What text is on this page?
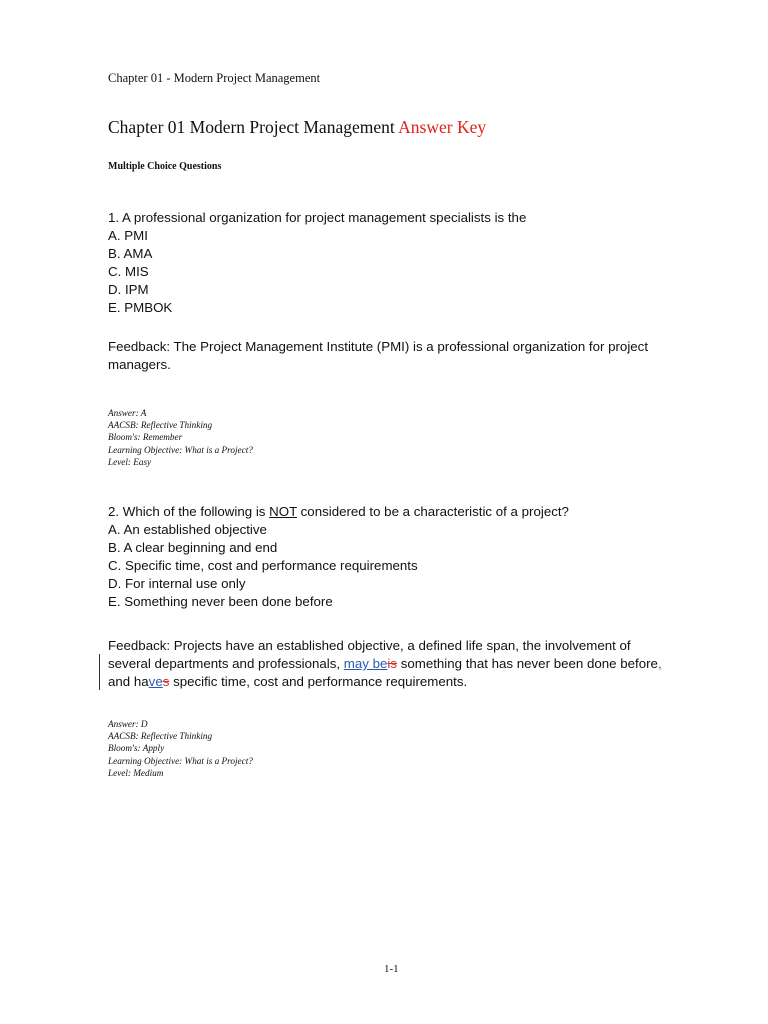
Chapter 01 - Modern Project Management
Chapter 01 Modern Project Management Answer Key
Multiple Choice Questions
1. A professional organization for project management specialists is the
A. PMI
B. AMA
C. MIS
D. IPM
E. PMBOK
Feedback: The Project Management Institute (PMI) is a professional organization for project
managers.
Answer: A
AACSB: Reflective Thinking
Bloom's: Remember
Learning Objective: What is a Project?
Level: Easy
2. Which of the following is NOT considered to be a characteristic of a project?
A. An established objective
B. A clear beginning and end
C. Specific time, cost and performance requirements
D. For internal use only
E. Something never been done before
Feedback: Projects have an established objective, a defined life span, the involvement of
several departments and professionals, may beis something that has never been done before,
and haves specific time, cost and performance requirements.
Answer: D
AACSB: Reflective Thinking
Bloom's: Apply
Learning Objective: What is a Project?
Level: Medium
1-1
